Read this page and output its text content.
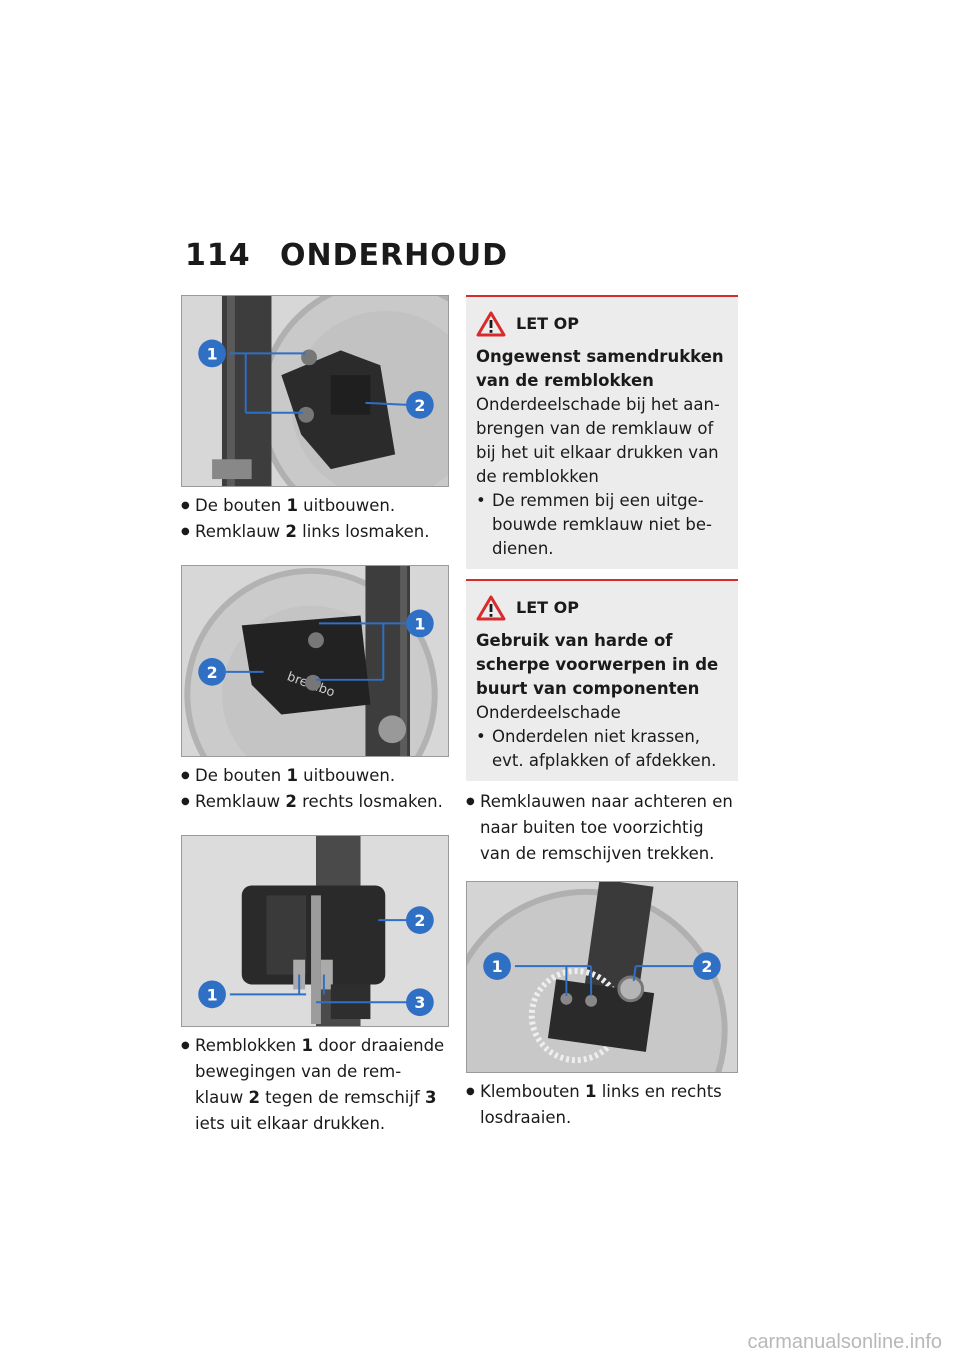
114 ONDERHOUD
1
2
● De bouten 1 uitbouwen.
● Remklauw 2 links losmaken.
1
2
● De bouten 1 uitbouwen.
● Remklauw 2 rechts losmaken.
1
2
3
● Remblokken 1 door draaiende bewegingen van de rem-klauw 2 tegen de remschijf 3 iets uit elkaar drukken.
LET OP
Ongewenst samendrukken van de remblokken
Onderdeelschade bij het aan-brengen van de remklauw of bij het uit elkaar drukken van de remblokken
• De remmen bij een uitge-bouwde remklauw niet be-dienen.
LET OP
Gebruik van harde of scherpe voorwerpen in de buurt van componenten
Onderdeelschade
• Onderdelen niet krassen, evt. afplakken of afdekken.
● Remklauwen naar achteren en naar buiten toe voorzichtig van de remschijven trekken.
1	2
● Klembouten 1 links en rechts losdraaien.
carmanualsonline.info
